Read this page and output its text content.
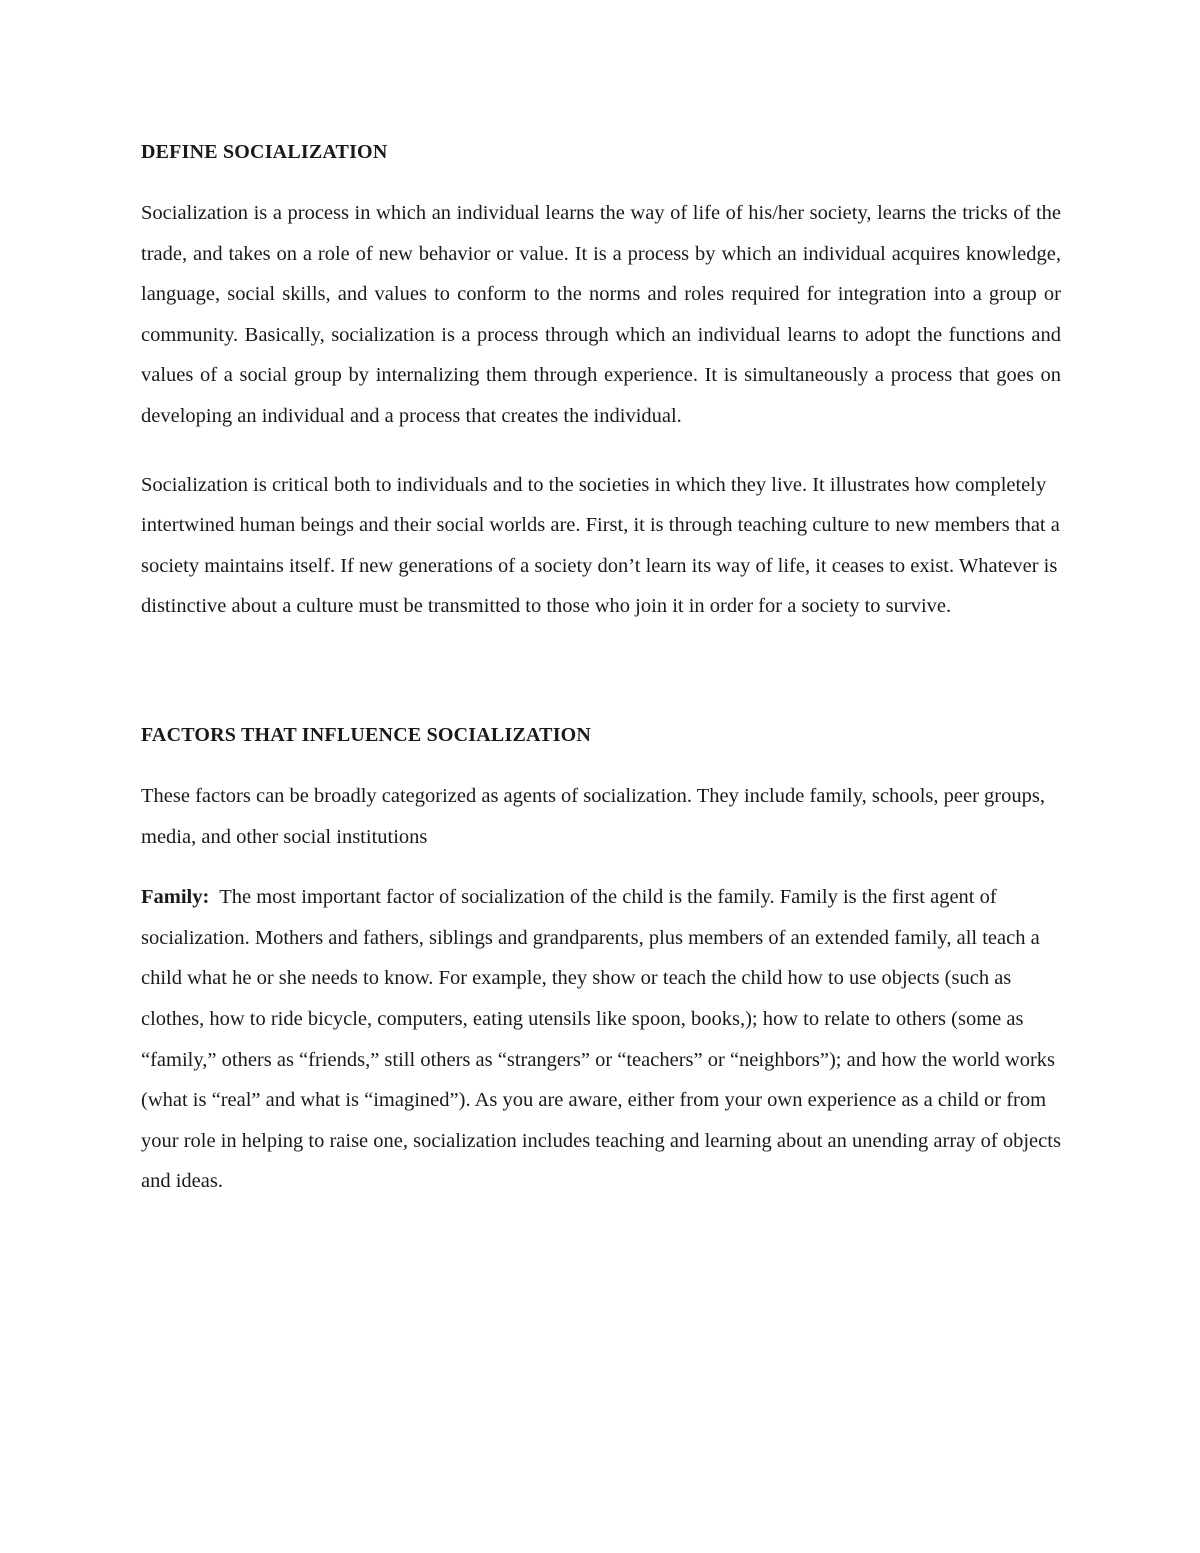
DEFINE SOCIALIZATION

Socialization is a process in which an individual learns the way of life of his/her society, learns the tricks of the trade, and takes on a role of new behavior or value. It is a process by which an individual acquires knowledge, language, social skills, and values to conform to the norms and roles required for integration into a group or community. Basically, socialization is a process through which an individual learns to adopt the functions and values of a social group by internalizing them through experience. It is simultaneously a process that goes on developing an individual and a process that creates the individual.

Socialization is critical both to individuals and to the societies in which they live. It illustrates how completely intertwined human beings and their social worlds are. First, it is through teaching culture to new members that a society maintains itself. If new generations of a society don’t learn its way of life, it ceases to exist. Whatever is distinctive about a culture must be transmitted to those who join it in order for a society to survive.

FACTORS THAT INFLUENCE SOCIALIZATION

These factors can be broadly categorized as agents of socialization. They include family, schools, peer groups, media, and other social institutions

Family: The most important factor of socialization of the child is the family. Family is the first agent of socialization. Mothers and fathers, siblings and grandparents, plus members of an extended family, all teach a child what he or she needs to know. For example, they show or teach the child how to use objects (such as clothes, how to ride bicycle, computers, eating utensils like spoon, books,); how to relate to others (some as “family,” others as “friends,” still others as “strangers” or “teachers” or “neighbors”); and how the world works (what is “real” and what is “imagined”). As you are aware, either from your own experience as a child or from your role in helping to raise one, socialization includes teaching and learning about an unending array of objects and ideas.
